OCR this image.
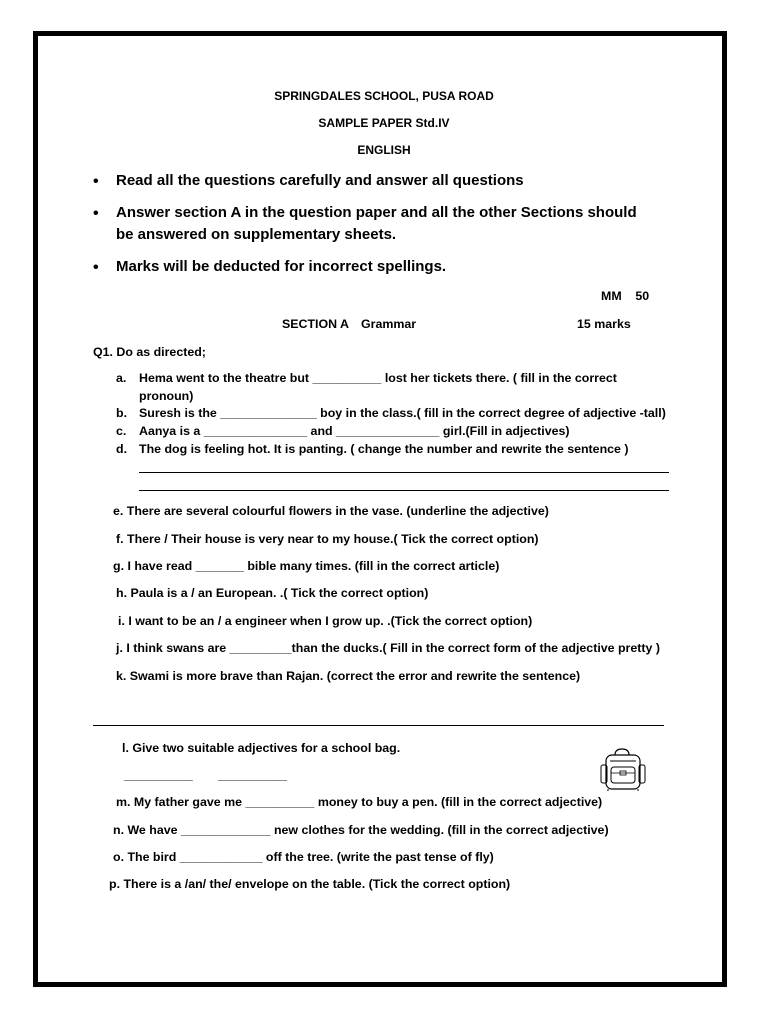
SPRINGDALES SCHOOL, PUSA ROAD
SAMPLE PAPER Std.IV
ENGLISH
• Read all the questions carefully and answer all questions
• Answer section A in the question paper and all the other Sections should
be answered on supplementary sheets.
• Marks will be deducted for incorrect spellings.
MM    50
SECTION A Grammar	15 marks
Q1. Do as directed;
a. Hema went to the theatre but __________ lost her tickets there. ( fill in the correct
pronoun)
b. Suresh is the ______________ boy in the class.( fill in the correct degree of adjective -tall)
c. Aanya is a _______________ and _______________ girl.(Fill in adjectives)
d. The dog is feeling hot. It is panting. ( change the number and rewrite the sentence )
e. There are several colourful flowers in the vase. (underline the adjective)
f. There / Their house is very near to my house.( Tick the correct option)
g. I have read _______ bible many times. (fill in the correct article)
h. Paula is a / an European. .( Tick the correct option)
i. I want to be an / a engineer when I grow up. .(Tick the correct option)
j. I think swans are _________than the ducks.( Fill in the correct form of the adjective pretty )
k. Swami is more brave than Rajan. (correct the error and rewrite the sentence)
l. Give two suitable adjectives for a school bag.
__________ __________
m. My father gave me __________ money to buy a pen. (fill in the correct adjective)
n. We have _____________ new clothes for the wedding. (fill in the correct adjective)
o. The bird ____________ off the tree. (write the past tense of fly)
p. There is a /an/ the/ envelope on the table. (Tick the correct option)
